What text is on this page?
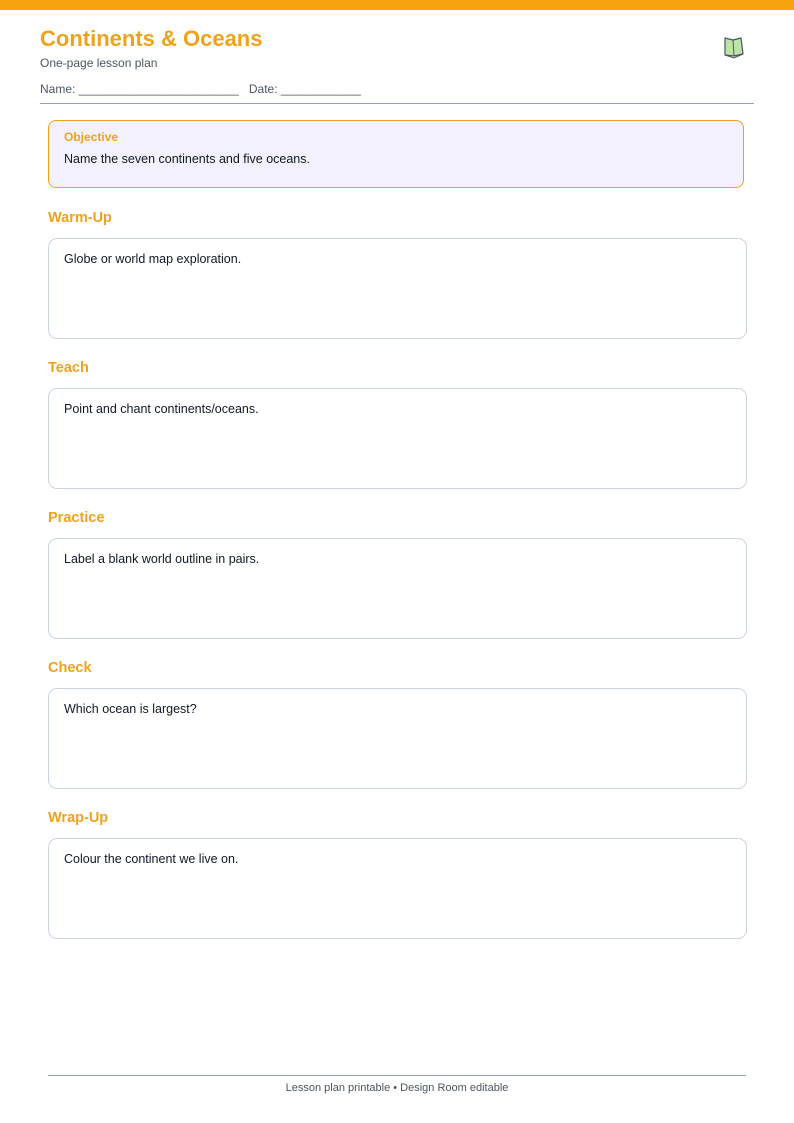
Continents & Oceans
One-page lesson plan
Name: ________________________ Date: ____________
Objective
Name the seven continents and five oceans.
Warm-Up
Globe or world map exploration.
Teach
Point and chant continents/oceans.
Practice
Label a blank world outline in pairs.
Check
Which ocean is largest?
Wrap-Up
Colour the continent we live on.
Lesson plan printable • Design Room editable
